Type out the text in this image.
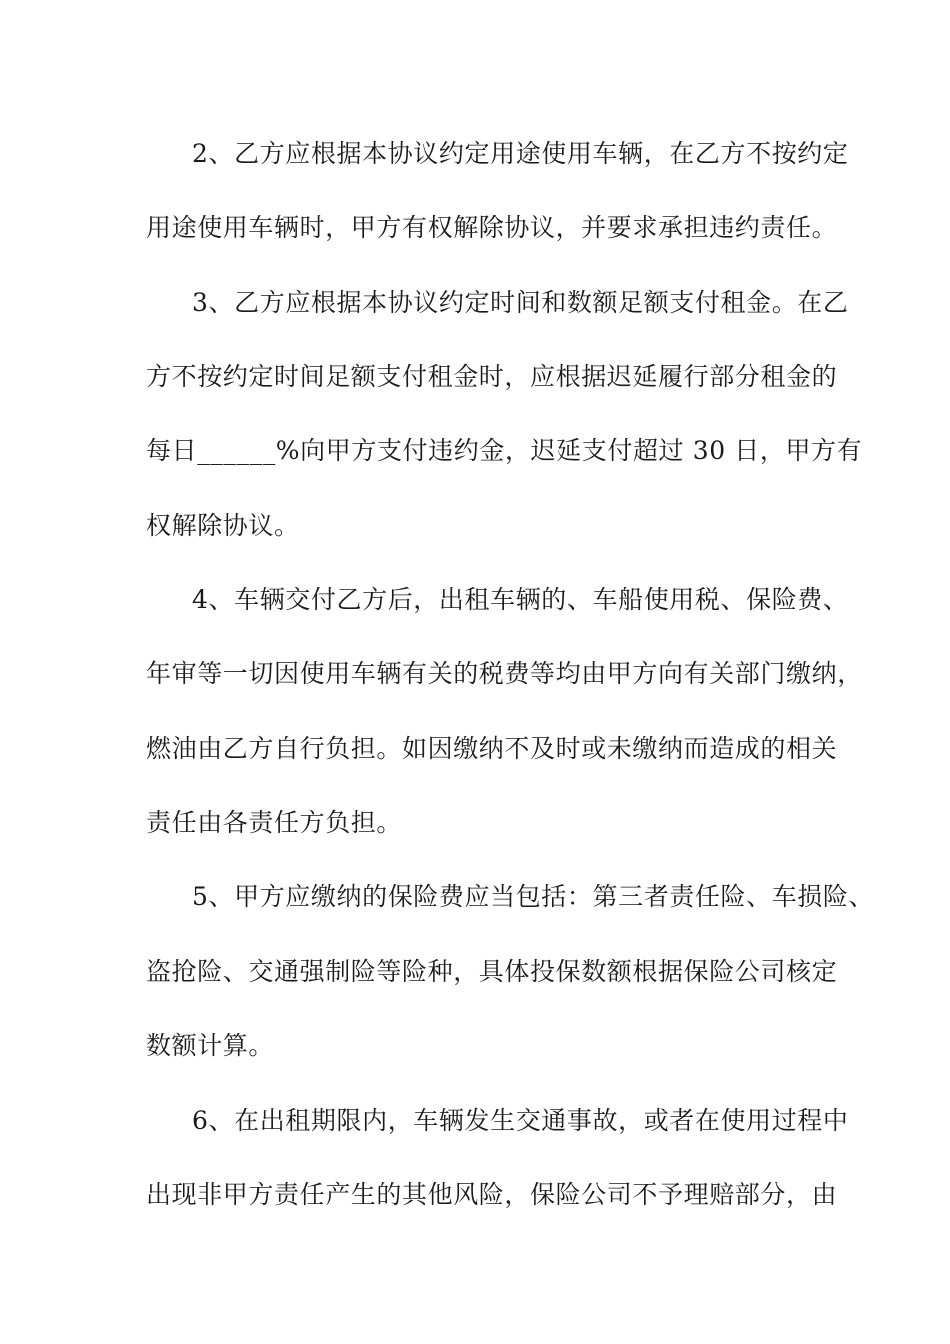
2、乙方应根据本协议约定用途使用车辆，在乙方不按约定
用途使用车辆时，甲方有权解除协议，并要求承担违约责任。
3、乙方应根据本协议约定时间和数额足额支付租金。在乙
方不按约定时间足额支付租金时，应根据迟延履行部分租金的
每日______%向甲方支付违约金，迟延支付超过 30 日，甲方有
权解除协议。
4、车辆交付乙方后，出租车辆的、车船使用税、保险费、
年审等一切因使用车辆有关的税费等均由甲方向有关部门缴纳，
燃油由乙方自行负担。如因缴纳不及时或未缴纳而造成的相关
责任由各责任方负担。
5、甲方应缴纳的保险费应当包括：第三者责任险、车损险、
盗抢险、交通强制险等险种，具体投保数额根据保险公司核定
数额计算。
6、在出租期限内，车辆发生交通事故，或者在使用过程中
出现非甲方责任产生的其他风险，保险公司不予理赔部分，由
